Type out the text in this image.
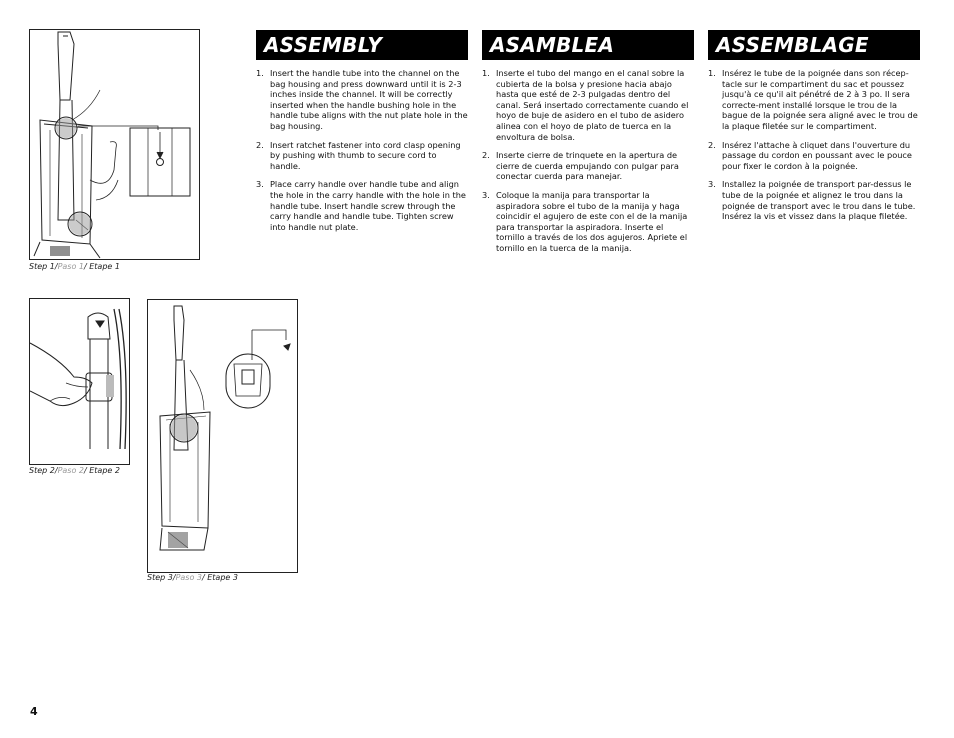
Step 1/Paso 1/ Etape 1
Step 2/Paso 2/ Etape 2
Step 3/Paso 3/ Etape 3
ASSEMBLY
1. Insert the handle tube into the channel on the bag housing and press downward until it is 2-3 inches inside the channel. It will be correctly inserted when the handle bushing hole in the handle tube aligns with the nut plate hole in the bag housing.
2. Insert ratchet fastener into cord clasp opening by pushing with thumb to secure cord to handle.
3. Place carry handle over handle tube and align the hole in the carry handle with the hole in the handle tube. Insert handle screw through the carry handle and handle tube. Tighten screw into handle nut plate.
ASAMBLEA
1. Inserte el tubo del mango en el canal sobre la cubierta de la bolsa y presione hacia abajo hasta que esté de 2-3 pulgadas dentro del canal. Será insertado correctamente cuando el hoyo de buje de asidero en el tubo de asidero alinea con el hoyo de plato de tuerca en la envoltura de bolsa.
2. Inserte cierre de trinquete en la apertura de cierre de cuerda empujando con pulgar para conectar cuerda para manejar.
3. Coloque la manija para transportar la aspiradora sobre el tubo de la manija y haga coincidir el agujero de este con el de la manija para transportar la aspiradora. Inserte el tornillo a través de los dos agujeros. Apriete el tornillo en la tuerca de la manija.
ASSEMBLAGE
1. Insérez le tube de la poignée dans son récep-tacle sur le compartiment du sac et poussez jusqu'à ce qu'il ait pénétré de 2 à 3 po. Il sera correcte-ment installé lorsque le trou de la bague de la poignée sera aligné avec le trou de la plaque filetée sur le compartiment.
2. Insérez l'attache à cliquet dans l'ouverture du passage du cordon en poussant avec le pouce pour fixer le cordon à la poignée.
3. Installez la poignée de transport par-dessus le tube de la poignée et alignez le trou dans la poignée de transport avec le trou dans le tube. Insérez la vis et vissez dans la plaque filetée.
4
